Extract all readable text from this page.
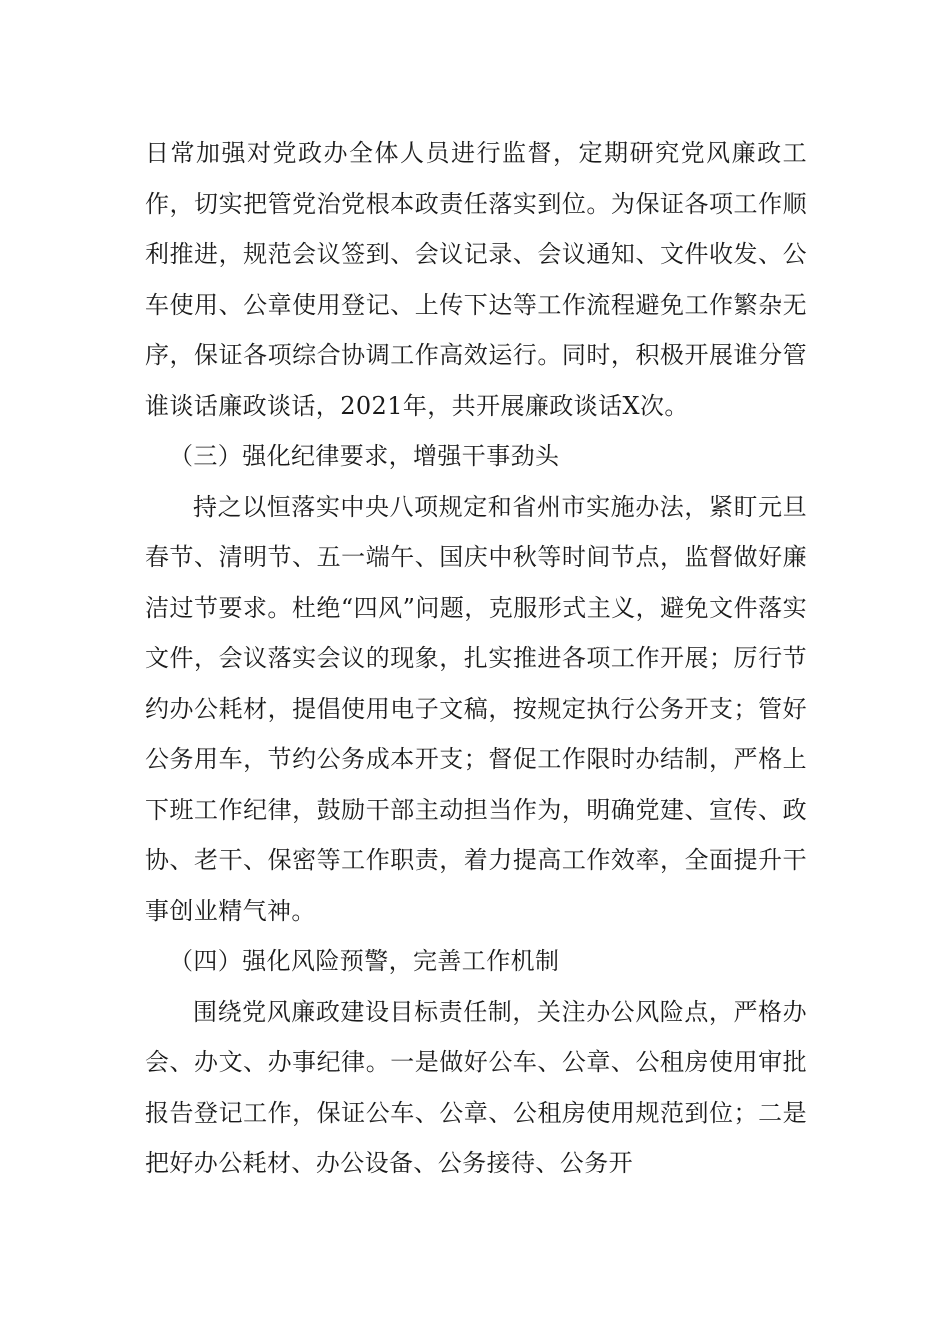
日常加强对党政办全体人员进行监督，定期研究党风廉政工作，切实把管党治党根本政责任落实到位。为保证各项工作顺利推进，规范会议签到、会议记录、会议通知、文件收发、公车使用、公章使用登记、上传下达等工作流程避免工作繁杂无序，保证各项综合协调工作高效运行。同时，积极开展谁分管谁谈话廉政谈话，2021年，共开展廉政谈话X次。

（三）强化纪律要求，增强干事劲头

持之以恒落实中央八项规定和省州市实施办法，紧盯元旦春节、清明节、五一端午、国庆中秋等时间节点，监督做好廉洁过节要求。杜绝“四风”问题，克服形式主义，避免文件落实文件，会议落实会议的现象，扎实推进各项工作开展；厉行节约办公耗材，提倡使用电子文稿，按规定执行公务开支；管好公务用车，节约公务成本开支；督促工作限时办结制，严格上下班工作纪律，鼓励干部主动担当作为，明确党建、宣传、政协、老干、保密等工作职责，着力提高工作效率，全面提升干事创业精气神。

（四）强化风险预警，完善工作机制

围绕党风廉政建设目标责任制，关注办公风险点，严格办会、办文、办事纪律。一是做好公车、公章、公租房使用审批报告登记工作，保证公车、公章、公租房使用规范到位；二是把好办公耗材、办公设备、公务接待、公务开
